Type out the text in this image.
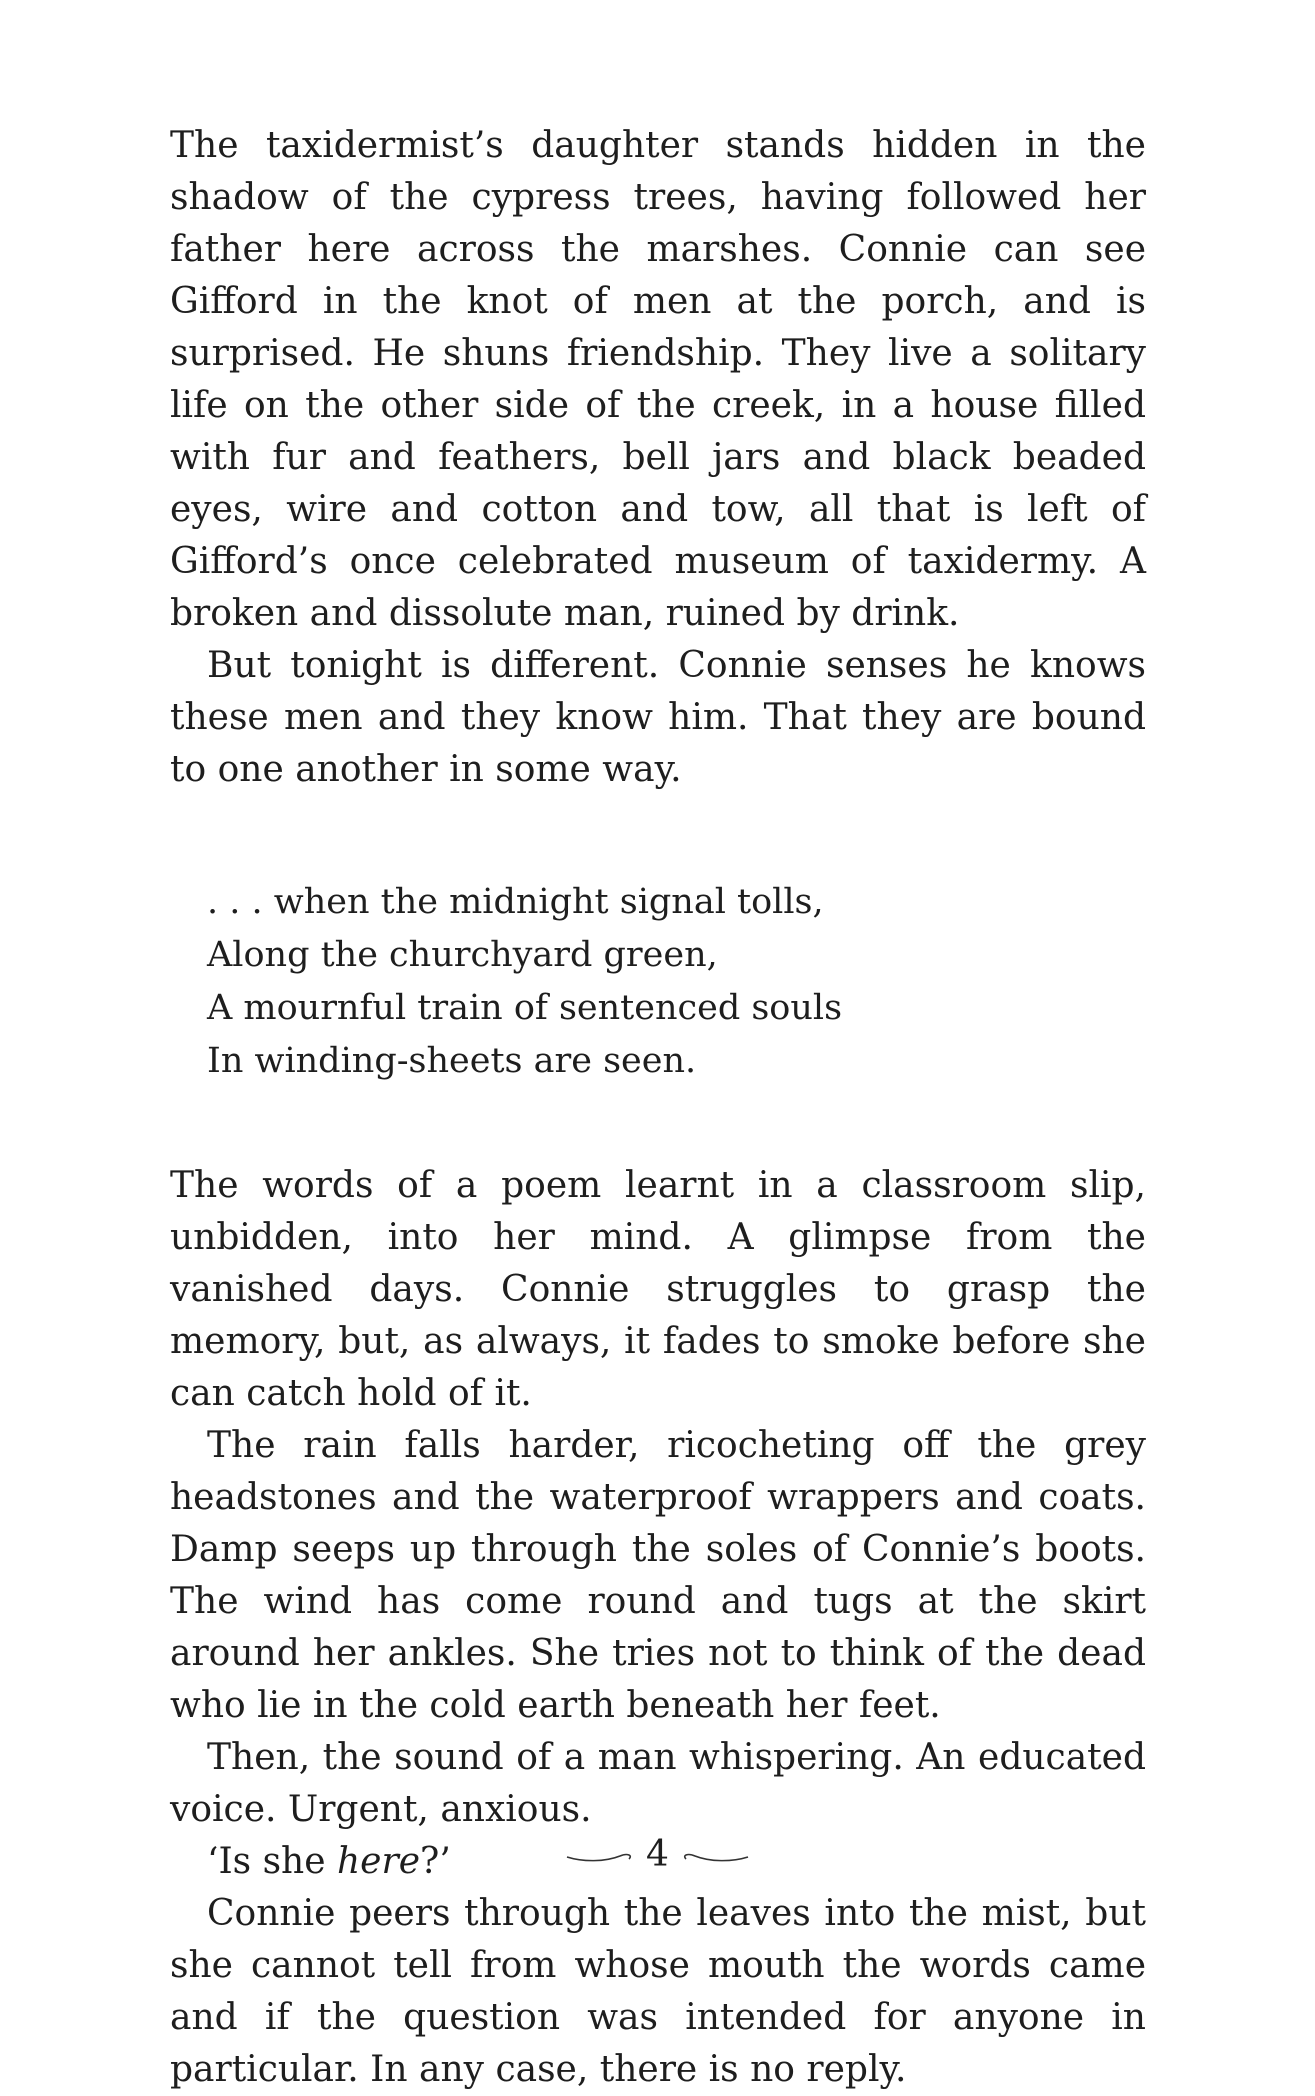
The taxidermist’s daughter stands hidden in the shadow of the cypress trees, having followed her father here across the marshes. Connie can see Gifford in the knot of men at the porch, and is surprised. He shuns friendship. They live a solitary life on the other side of the creek, in a house filled with fur and feathers, bell jars and black beaded eyes, wire and cotton and tow, all that is left of Gifford’s once celebrated museum of taxidermy. A broken and dissolute man, ruined by drink.

But tonight is different. Connie senses he knows these men and they know him. That they are bound to one another in some way.

. . . when the midnight signal tolls,
Along the churchyard green,
A mournful train of sentenced souls
In winding-sheets are seen.

The words of a poem learnt in a classroom slip, unbidden, into her mind. A glimpse from the vanished days. Connie struggles to grasp the memory, but, as always, it fades to smoke before she can catch hold of it.

The rain falls harder, ricocheting off the grey headstones and the waterproof wrappers and coats. Damp seeps up through the soles of Connie’s boots. The wind has come round and tugs at the skirt around her ankles. She tries not to think of the dead who lie in the cold earth beneath her feet.

Then, the sound of a man whispering. An educated voice. Urgent, anxious.

‘Is she here?’

Connie peers through the leaves into the mist, but she cannot tell from whose mouth the words came and if the question was intended for anyone in particular. In any case, there is no reply.

4
